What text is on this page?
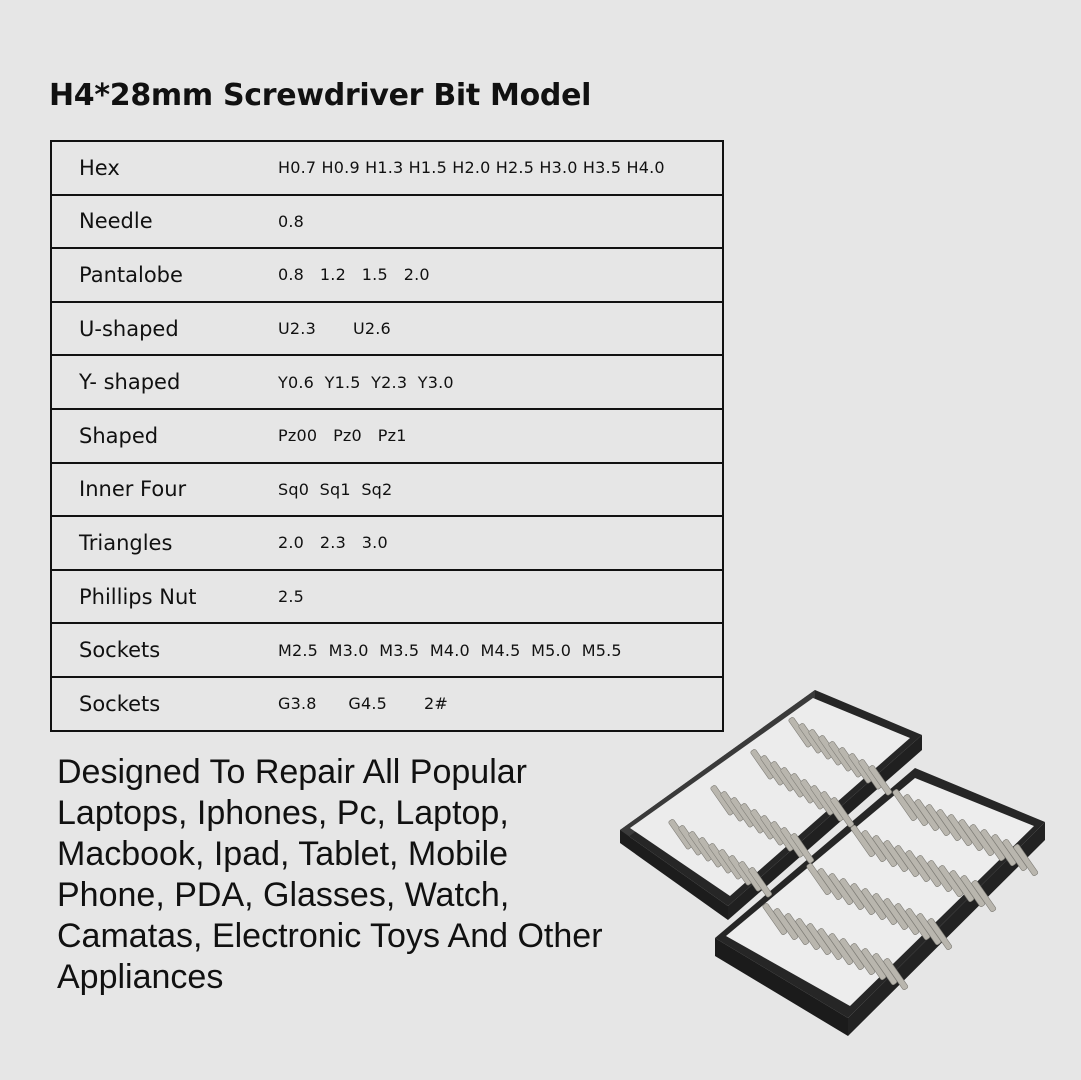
H4*28mm Screwdriver Bit Model
Hex	H0.7 H0.9 H1.3 H1.5 H2.0 H2.5 H3.0 H3.5 H4.0
Needle	0.8
Pantalobe	0.8   1.2   1.5   2.0
U-shaped	U2.3       U2.6
Y- shaped	Y0.6  Y1.5  Y2.3  Y3.0
Shaped	Pz00   Pz0   Pz1
Inner Four	Sq0  Sq1  Sq2
Triangles	2.0   2.3   3.0
Phillips Nut	2.5
Sockets	M2.5  M3.0  M3.5  M4.0  M4.5  M5.0  M5.5
Sockets	G3.8      G4.5       2#
Designed To Repair All Popular Laptops, Iphones, Pc, Laptop, Macbook, Ipad, Tablet, Mobile Phone, PDA, Glasses, Watch, Camatas, Electronic Toys And Other Appliances
